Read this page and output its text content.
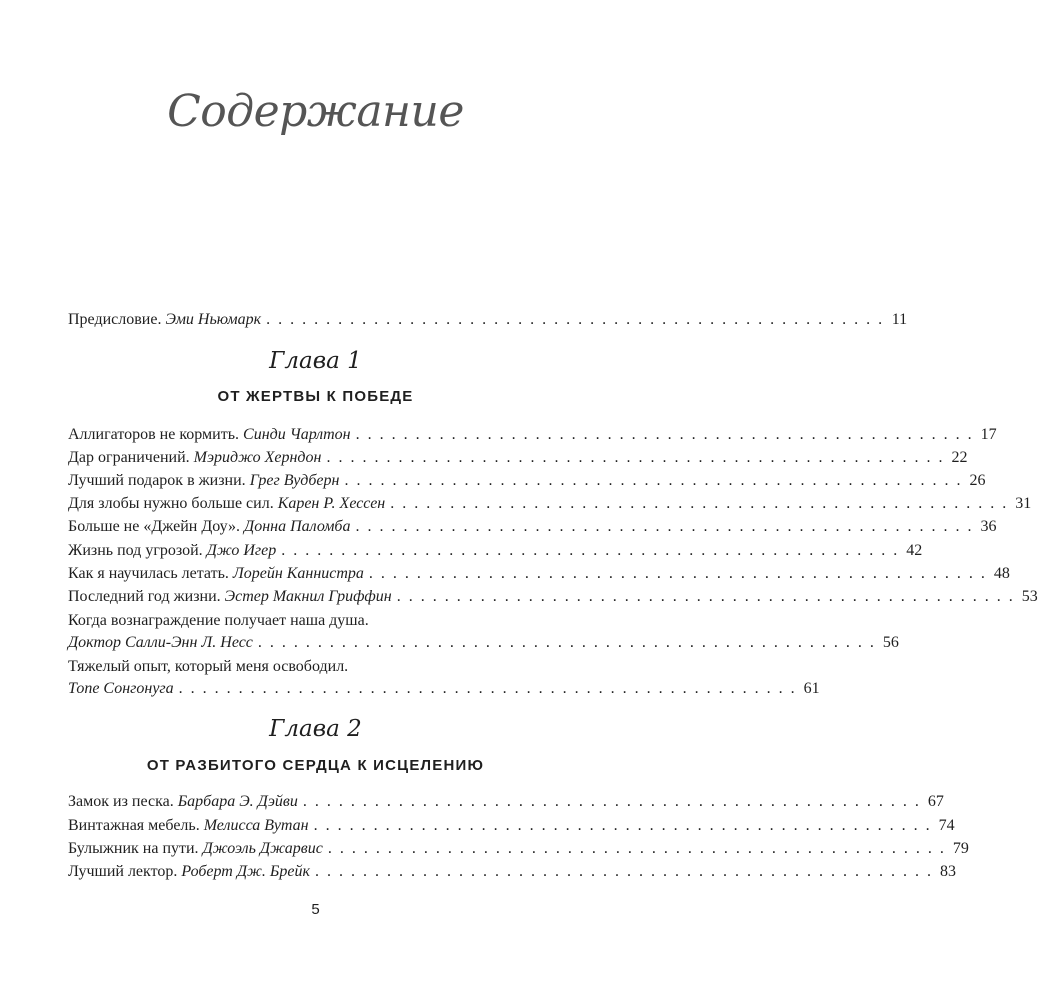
Содержание
Предисловие.
Эми Ньюмарк . . . . . . . . . . . . . . . . . . . . . . . . . . . . . . . . . . . . . . . . . . . . . . . . . . . . 11
Глава 1
ОТ ЖЕРТВЫ К ПОБЕДЕ
Аллигаторов не кормить.
Синди Чарлтон . . . . . . . . . . . . . . . . . . . . . . . . . . . . . . . . . . . . . . . . . . . . . . . . . . . . 17
Дар ограничений.
Мэриджо Херндон . . . . . . . . . . . . . . . . . . . . . . . . . . . . . . . . . . . . . . . . . . . . . . . . . . . . 22
Лучший подарок в жизни.
Грег Вудберн . . . . . . . . . . . . . . . . . . . . . . . . . . . . . . . . . . . . . . . . . . . . . . . . . . . . 26
Для злобы нужно больше сил.
Карен Р. Хессен . . . . . . . . . . . . . . . . . . . . . . . . . . . . . . . . . . . . . . . . . . . . . . . . . . . . 31
Больше не «Джейн Доу».
Донна Паломба . . . . . . . . . . . . . . . . . . . . . . . . . . . . . . . . . . . . . . . . . . . . . . . . . . . . 36
Жизнь под угрозой.
Джо Игер . . . . . . . . . . . . . . . . . . . . . . . . . . . . . . . . . . . . . . . . . . . . . . . . . . . . 42
Как я научилась летать.
Лорейн Каннистра . . . . . . . . . . . . . . . . . . . . . . . . . . . . . . . . . . . . . . . . . . . . . . . . . . . . 48
Последний год жизни.
Эстер Макнил Гриффин . . . . . . . . . . . . . . . . . . . . . . . . . . . . . . . . . . . . . . . . . . . . . . . . . . . . 53
Когда вознаграждение получает наша душа.
Доктор Салли-Энн Л. Несс . . . . . . . . . . . . . . . . . . . . . . . . . . . . . . . . . . . . . . . . . . . . . . . . . . . . 56
Тяжелый опыт, который меня освободил.
Топе Сонгонуга . . . . . . . . . . . . . . . . . . . . . . . . . . . . . . . . . . . . . . . . . . . . . . . . . . . . 61
Глава 2
ОТ РАЗБИТОГО СЕРДЦА К ИСЦЕЛЕНИЮ
Замок из песка.
Барбара Э. Дэйви . . . . . . . . . . . . . . . . . . . . . . . . . . . . . . . . . . . . . . . . . . . . . . . . . . . . 67
Винтажная мебель.
Мелисса Вутан . . . . . . . . . . . . . . . . . . . . . . . . . . . . . . . . . . . . . . . . . . . . . . . . . . . . 74
Булыжник на пути.
Джоэль Джарвис . . . . . . . . . . . . . . . . . . . . . . . . . . . . . . . . . . . . . . . . . . . . . . . . . . . . 79
Лучший лектор.
Роберт Дж. Брейк . . . . . . . . . . . . . . . . . . . . . . . . . . . . . . . . . . . . . . . . . . . . . . . . . . . . 83
5
